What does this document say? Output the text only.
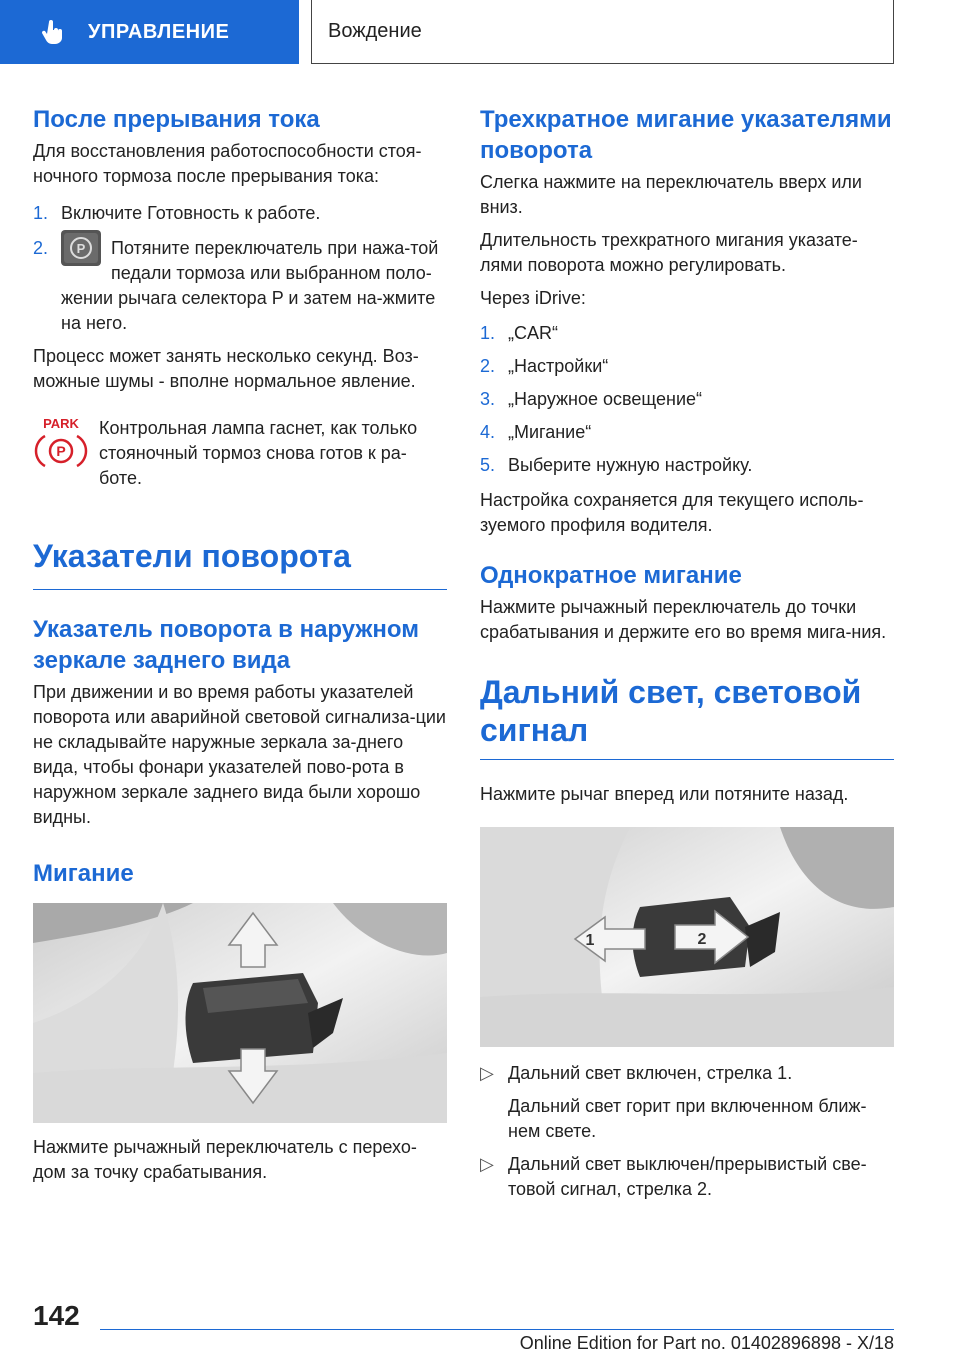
УПРАВЛЕНИЕ	Вождение
После прерывания тока

Для восстановления работоспособности стоя-ночного тормоза после прерывания тока:

1. Включите Готовность к работе.
2.	P Потяните переключатель при нажа-той педали тормоза или выбранном поло-жении рычага селектора P и затем на-жмите на него.

Процесс может занять несколько секунд. Воз-можные шумы - вполне нормальное явление.

PARK
P

Контрольная лампа гаснет, как только стояночный тормоз снова готов к ра-боте.

Указатели поворота
Указатель поворота в наружном зеркале заднего вида

При движении и во время работы указателей поворота или аварийной световой сигнализа-ции не складывайте наружные зеркала за-днего вида, чтобы фонари указателей пово-рота в наружном зеркале заднего вида были хорошо видны.

Мигание

Нажмите рычажный переключатель с перехо-дом за точку срабатывания.

Трехкратное мигание указателями поворота

Слегка нажмите на переключатель вверх или вниз.

Длительность трехкратного мигания указате-лями поворота можно регулировать.

Через iDrive:

1. „CAR“
2. „Настройки“
3. „Наружное освещение“
4. „Мигание“
5. Выберите нужную настройку.

Настройка сохраняется для текущего исполь-зуемого профиля водителя.

Однократное мигание

Нажмите рычажный переключатель до точки срабатывания и держите его во время мига-ния.

Дальний свет, световой сигнал

Нажмите рычаг вперед или потяните назад.

1	2
▷ Дальний свет включен, стрелка 1.

Дальний свет горит при включенном ближ-нем свете.

▷ Дальний свет выключен/прерывистый све-товой сигнал, стрелка 2.

142
Online Edition for Part no. 01402896898 - X/18
